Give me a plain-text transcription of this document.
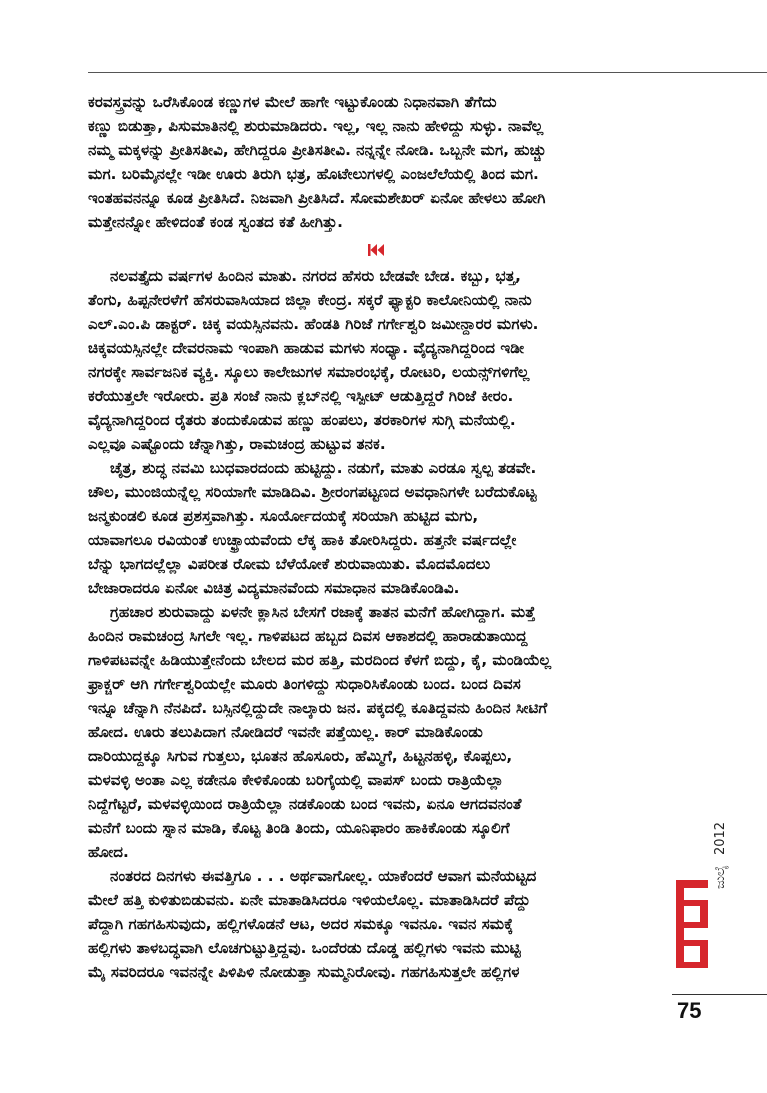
ಕರವಸ್ತ್ರವನ್ನು ಒರೆಸಿಕೊಂಡ ಕಣ್ಣುಗಳ ಮೇಲೆ ಹಾಗೇ ಇಟ್ಟುಕೊಂಡು ನಿಧಾನವಾಗಿ ತೆಗೆದು

ಕಣ್ಣು ಬಿಡುತ್ತಾ, ಪಿಸುಮಾತಿನಲ್ಲಿ ಶುರುಮಾಡಿದರು. ಇಲ್ಲ, ಇಲ್ಲ ನಾನು ಹೇಳಿದ್ದು ಸುಳ್ಳು. ನಾವೆಲ್ಲ

ನಮ್ಮ ಮಕ್ಕಳನ್ನು ಪ್ರೀತಿಸತೀವಿ, ಹೇಗಿದ್ದರೂ ಪ್ರೀತಿಸತೀವಿ. ನನ್ನನ್ನೇ ನೋಡಿ. ಒಬ್ಬನೇ ಮಗ, ಹುಚ್ಚು

ಮಗ. ಬರಿಮೈನಲ್ಲೇ ಇಡೀ ಊರು ತಿರುಗಿ ಭತ್ರ, ಹೊಟೇಲುಗಳಲ್ಲಿ ಎಂಜಲೆಲೆಯಲ್ಲಿ ತಿಂದ ಮಗ.

ಇಂತಹವನನ್ನೂ ಕೂಡ ಪ್ರೀತಿಸಿದೆ. ನಿಜವಾಗಿ ಪ್ರೀತಿಸಿದೆ. ಸೋಮಶೇಖರ್ ಏನೋ ಹೇಳಲು ಹೋಗಿ

ಮತ್ತೇನನ್ನೋ ಹೇಳಿದಂತೆ ಕಂಡ ಸ್ವಂತದ ಕತೆ ಹೀಗಿತ್ತು.

ನಲವತ್ತೈದು ವರ್ಷಗಳ ಹಿಂದಿನ ಮಾತು. ನಗರದ ಹೆಸರು ಬೇಡವೇ ಬೇಡ. ಕಬ್ಬು, ಭತ್ತ,

ತೆಂಗು, ಹಿಪ್ಪನೇರಳೆಗೆ ಹೆಸರುವಾಸಿಯಾದ ಜಿಲ್ಲಾ ಕೇಂದ್ರ. ಸಕ್ಕರೆ ಫ್ಯಾಕ್ಟರಿ ಕಾಲೋನಿಯಲ್ಲಿ ನಾನು

ಎಲ್.ಎಂ.ಪಿ ಡಾಕ್ಟರ್. ಚಿಕ್ಕ ವಯಸ್ಸಿನವನು. ಹೆಂಡತಿ ಗಿರಿಜೆ ಗರ್ಗೇಶ್ವರಿ ಜಮೀನ್ದಾರರ ಮಗಳು.

ಚಿಕ್ಕವಯಸ್ಸಿನಲ್ಲೇ ದೇವರನಾಮ ಇಂಪಾಗಿ ಹಾಡುವ ಮಗಳು ಸಂಧ್ಯಾ. ವೈದ್ಯನಾಗಿದ್ದರಿಂದ ಇಡೀ

ನಗರಕ್ಕೇ ಸಾರ್ವಜನಿಕ ವ್ಯಕ್ತಿ. ಸ್ಕೂಲು ಕಾಲೇಜುಗಳ ಸಮಾರಂಭಕ್ಕೆ, ರೋಟರಿ, ಲಯನ್ಸ್‌ಗಳಿಗೆಲ್ಲ

ಕರೆಯುತ್ತಲೇ ಇರೋರು. ಪ್ರತಿ ಸಂಜೆ ನಾನು ಕ್ಲಬ್‌ನಲ್ಲಿ ಇಸ್ಪೀಟ್ ಆಡುತ್ತಿದ್ದರೆ ಗಿರಿಜೆ ಕೀರಂ.

ವೈದ್ಯನಾಗಿದ್ದರಿಂದ ರೈತರು ತಂದುಕೊಡುವ ಹಣ್ಣು ಹಂಪಲು, ತರಕಾರಿಗಳ ಸುಗ್ಗಿ ಮನೆಯಲ್ಲಿ.

ಎಲ್ಲವೂ ಎಷ್ಟೊಂದು ಚೆನ್ನಾಗಿತ್ತು, ರಾಮಚಂದ್ರ ಹುಟ್ಟುವ ತನಕ.

ಚೈತ್ರ, ಶುದ್ಧ ನವಮಿ ಬುಧವಾರದಂದು ಹುಟ್ಟಿದ್ದು. ನಡುಗೆ, ಮಾತು ಎರಡೂ ಸ್ವಲ್ಪ ತಡವೇ.

ಚೌಲ, ಮುಂಜಿಯನ್ನೆಲ್ಲ ಸರಿಯಾಗೇ ಮಾಡಿದಿವಿ. ಶ್ರೀರಂಗಪಟ್ಟಣದ ಅವಧಾನಿಗಳೇ ಬರೆದುಕೊಟ್ಟ

ಜನ್ಮಕುಂಡಲಿ ಕೂಡ ಪ್ರಶಸ್ತವಾಗಿತ್ತು. ಸೂರ್ಯೋದಯಕ್ಕೆ ಸರಿಯಾಗಿ ಹುಟ್ಟಿದ ಮಗು,

ಯಾವಾಗಲೂ ರವಿಯಂತೆ ಉಚ್ಛ್ರಾಯವೆಂದು ಲೆಕ್ಕ ಹಾಕಿ ತೋರಿಸಿದ್ದರು. ಹತ್ತನೇ ವರ್ಷದಲ್ಲೇ

ಬೆನ್ನು ಭಾಗದಲ್ಲೆಲ್ಲಾ ವಿಪರೀತ ರೋಮ ಬೆಳೆಯೋಕೆ ಶುರುವಾಯಿತು. ಮೊದಮೊದಲು

ಬೇಜಾರಾದರೂ ಏನೋ ವಿಚಿತ್ರ ವಿದ್ಯಮಾನವೆಂದು ಸಮಾಧಾನ ಮಾಡಿಕೊಂಡಿವಿ.

ಗ್ರಹಚಾರ ಶುರುವಾದ್ದು ಏಳನೇ ಕ್ಲಾಸಿನ ಬೇಸಗೆ ರಜಾಕ್ಕೆ ತಾತನ ಮನೆಗೆ ಹೋಗಿದ್ದಾಗ. ಮತ್ತೆ

ಹಿಂದಿನ ರಾಮಚಂದ್ರ ಸಿಗಲೇ ಇಲ್ಲ. ಗಾಳಿಪಟದ ಹಬ್ಬದ ದಿವಸ ಆಕಾಶದಲ್ಲಿ ಹಾರಾಡುತಾಯಿದ್ದ

ಗಾಳಿಪಟವನ್ನೇ ಹಿಡಿಯುತ್ತೇನೆಂದು ಬೇಲದ ಮರ ಹತ್ತಿ, ಮರದಿಂದ ಕೆಳಗೆ ಬಿದ್ದು, ಕೈ, ಮಂಡಿಯೆಲ್ಲ

ಫ್ರಾಕ್ಚರ್ ಆಗಿ ಗರ್ಗೇಶ್ವರಿಯಲ್ಲೇ ಮೂರು ತಿಂಗಳಿದ್ದು ಸುಧಾರಿಸಿಕೊಂಡು ಬಂದ. ಬಂದ ದಿವಸ

ಇನ್ನೂ ಚೆನ್ನಾಗಿ ನೆನಪಿದೆ. ಬಸ್ಸಿನಲ್ಲಿದ್ದುದೇ ನಾಲ್ಕಾರು ಜನ. ಪಕ್ಕದಲ್ಲಿ ಕೂತಿದ್ದವನು ಹಿಂದಿನ ಸೀಟಿಗೆ

ಹೋದ. ಊರು ತಲುಪಿದಾಗ ನೋಡಿದರೆ ಇವನೇ ಪತ್ತೆಯಿಲ್ಲ. ಕಾರ್ ಮಾಡಿಕೊಂಡು

ದಾರಿಯುದ್ದಕ್ಕೂ ಸಿಗುವ ಗುತ್ತಲು, ಭೂತನ ಹೊಸೂರು, ಹೆಮ್ಮಿಗೆ, ಹಿಟ್ಟನಹಳ್ಳಿ, ಕೊಪ್ಪಲು,

ಮಳವಳ್ಳಿ ಅಂತಾ ಎಲ್ಲ ಕಡೇನೂ ಕೇಳಿಕೊಂಡು ಬರಿಗೈಯಲ್ಲಿ ವಾಪಸ್ ಬಂದು ರಾತ್ರಿಯೆಲ್ಲಾ

ನಿದ್ದೆಗೆಟ್ಟರೆ, ಮಳವಳ್ಳಿಯಿಂದ ರಾತ್ರಿಯೆಲ್ಲಾ ನಡಕೊಂಡು ಬಂದ ಇವನು, ಏನೂ ಆಗದವನಂತೆ

ಮನೆಗೆ ಬಂದು ಸ್ನಾನ ಮಾಡಿ, ಕೊಟ್ಟ ತಿಂಡಿ ತಿಂದು, ಯೂನಿಫಾರಂ ಹಾಕಿಕೊಂಡು ಸ್ಕೂಲಿಗೆ

ಹೋದ.

ನಂತರದ ದಿನಗಳು ಈವತ್ತಿಗೂ . . . ಅರ್ಥವಾಗೋಲ್ಲ. ಯಾಕೆಂದರೆ ಆವಾಗ ಮನೆಯಟ್ಟದ

ಮೇಲೆ ಹತ್ತಿ ಕುಳಿತುಬಿಡುವನು. ಏನೇ ಮಾತಾಡಿಸಿದರೂ ಇಳಿಯಲೊಲ್ಲ. ಮಾತಾಡಿಸಿದರೆ ಪೆದ್ದು

ಪೆದ್ದಾಗಿ ಗಹಗಹಿಸುವುದು, ಹಲ್ಲಿಗಳೊಡನೆ ಆಟ, ಅದರ ಸಮಕ್ಕೂ ಇವನೂ. ಇವನ ಸಮಕ್ಕೆ

ಹಲ್ಲಿಗಳು ತಾಳಬದ್ಧವಾಗಿ ಲೊಚಗುಟ್ಟುತ್ತಿದ್ದವು. ಒಂದೆರಡು ದೊಡ್ಡ ಹಲ್ಲಿಗಳು ಇವನು ಮುಟ್ಟಿ

ಮೈ ಸವರಿದರೂ ಇವನನ್ನೇ ಪಿಳಿಪಿಳಿ ನೋಡುತ್ತಾ ಸುಮ್ಮನಿರೋವು. ಗಹಗಹಿಸುತ್ತಲೇ ಹಲ್ಲಿಗಳ

ಜುಲೈ
2012
75
